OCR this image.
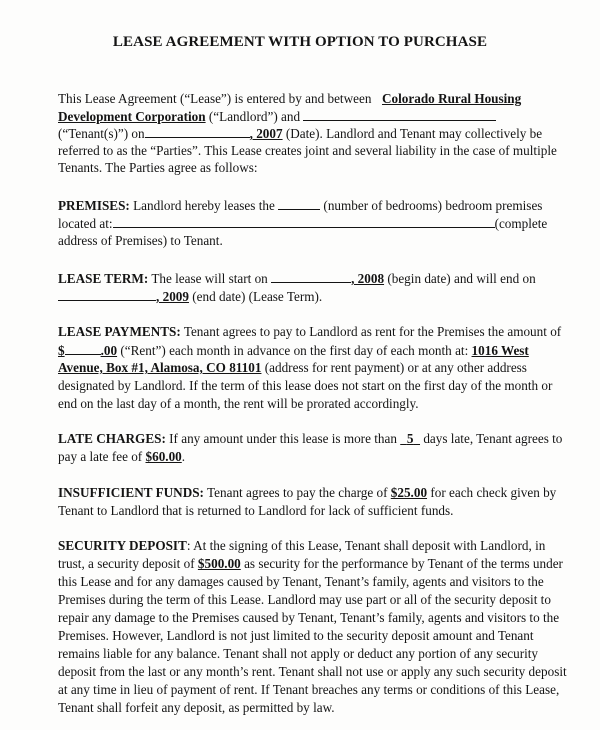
LEASE AGREEMENT WITH OPTION TO PURCHASE
This Lease Agreement (“Lease”) is entered by and between Colorado Rural Housing
Development Corporation (“Landlord”) and
(“Tenant(s)”) on	, 2007 (Date). Landlord and Tenant may collectively be
referred to as the “Parties”. This Lease creates joint and several liability in the case of multiple
Tenants. The Parties agree as follows:
PREMISES: Landlord hereby leases the	(number of bedrooms) bedroom premises
located at:	(complete
address of Premises) to Tenant.
LEASE TERM: The lease will start on	, 2008 (begin date) and will end on
, 2009 (end date) (Lease Term).
LEASE PAYMENTS: Tenant agrees to pay to Landlord as rent for the Premises the amount of
$	.00 (“Rent”) each month in advance on the first day of each month at: 1016 West
Avenue, Box #1, Alamosa, CO 81101 (address for rent payment) or at any other address
designated by Landlord. If the term of this lease does not start on the first day of the month or
end on the last day of a month, the rent will be prorated accordingly.
LATE CHARGES: If any amount under this lease is more than 5 days late, Tenant agrees to
pay a late fee of $60.00.
INSUFFICIENT FUNDS: Tenant agrees to pay the charge of $25.00 for each check given by
Tenant to Landlord that is returned to Landlord for lack of sufficient funds.
SECURITY DEPOSIT: At the signing of this Lease, Tenant shall deposit with Landlord, in
trust, a security deposit of $500.00 as security for the performance by Tenant of the terms under
this Lease and for any damages caused by Tenant, Tenant’s family, agents and visitors to the
Premises during the term of this Lease. Landlord may use part or all of the security deposit to
repair any damage to the Premises caused by Tenant, Tenant’s family, agents and visitors to the
Premises. However, Landlord is not just limited to the security deposit amount and Tenant
remains liable for any balance. Tenant shall not apply or deduct any portion of any security
deposit from the last or any month’s rent. Tenant shall not use or apply any such security deposit
at any time in lieu of payment of rent. If Tenant breaches any terms or conditions of this Lease,
Tenant shall forfeit any deposit, as permitted by law.
